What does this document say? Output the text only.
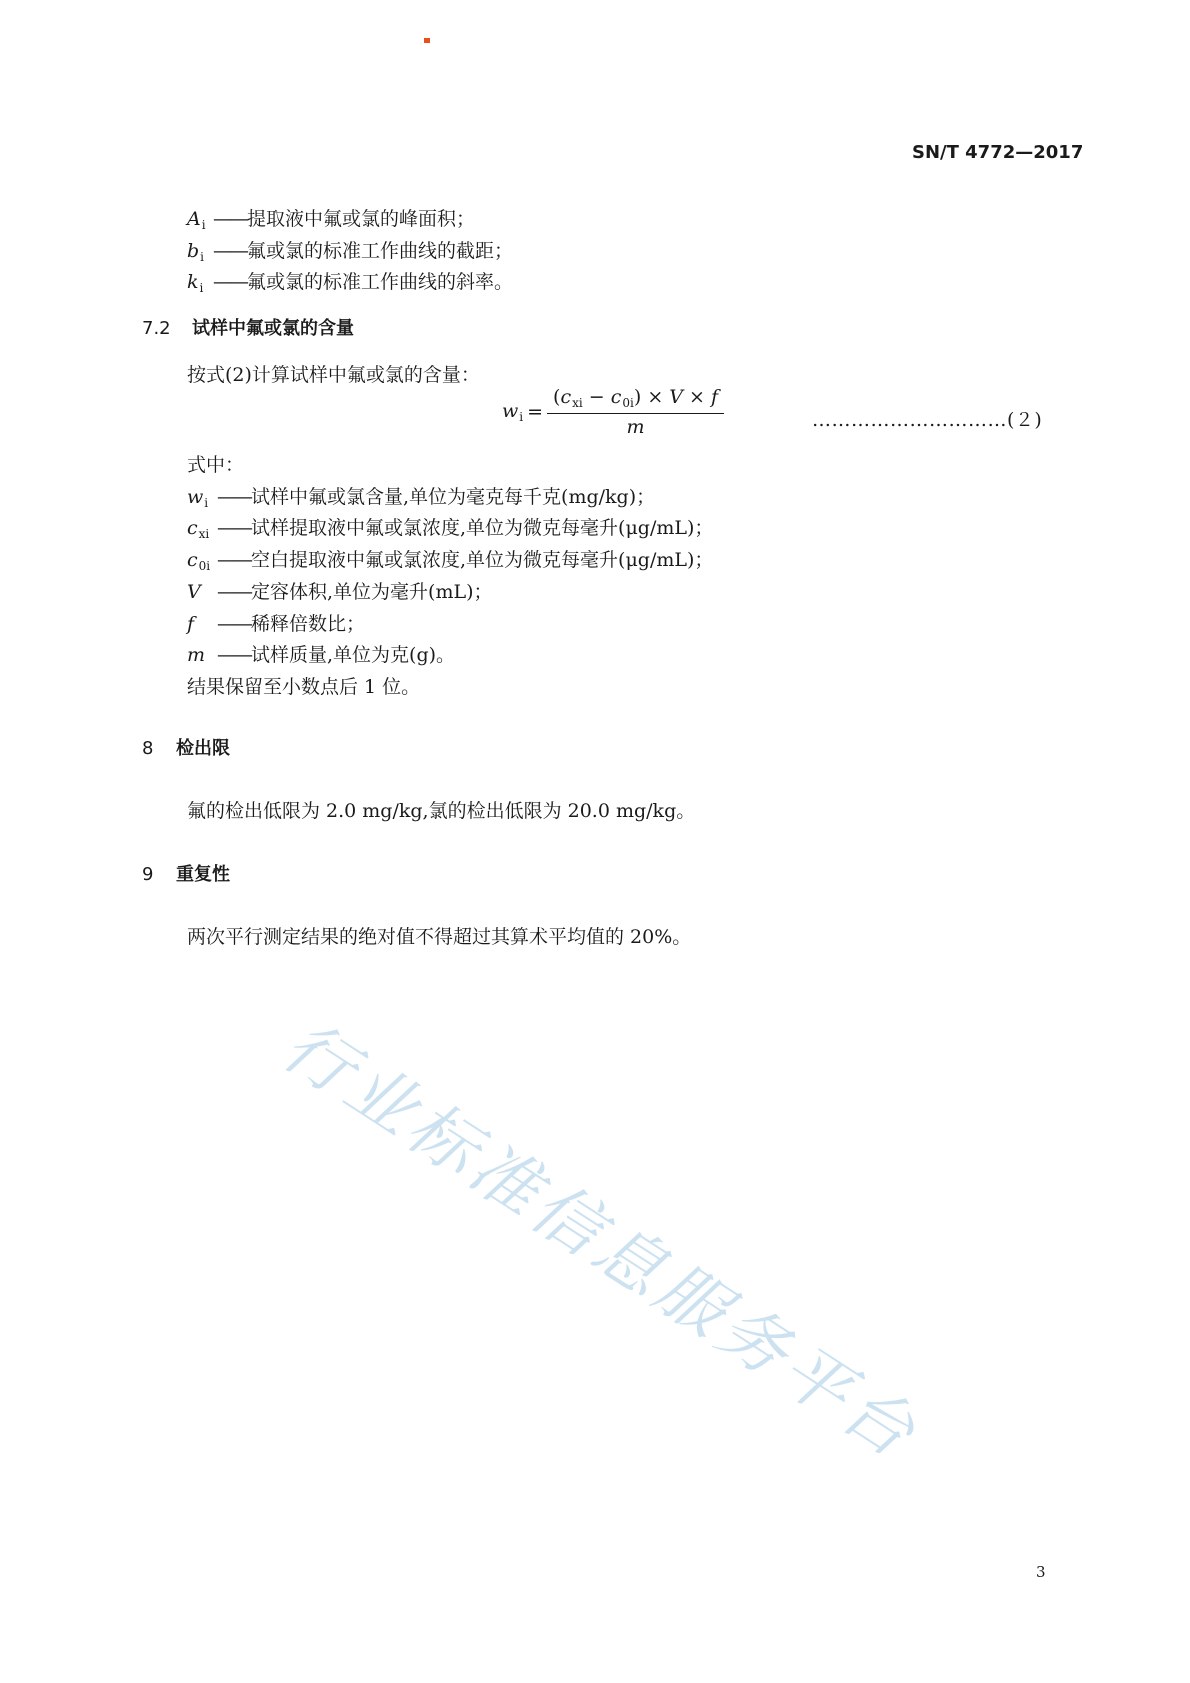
SN/T 4772—2017
$A_i$ ——提取液中氟或氯的峰面积；
$b_i$ ——氟或氯的标准工作曲线的截距；
$k_i$ ——氟或氯的标准工作曲线的斜率。
7.2 试样中氟或氯的含量
按式(2)计算试样中氟或氯的含量：
$w_i = \frac{(c_{xi} - c_{0i}) \times V \times f}{m}$	…………………………(２)
式中：
$w_i$ ——试样中氟或氯含量,单位为毫克每千克(mg/kg)；
$c_{xi}$ ——试样提取液中氟或氯浓度,单位为微克每毫升(μg/mL)；
$c_{0i}$ ——空白提取液中氟或氯浓度,单位为微克每毫升(μg/mL)；
V ——定容体积,单位为毫升(mL)；
f ——稀释倍数比；
m ——试样质量,单位为克(g)。
结果保留至小数点后 1 位。
8 检出限
氟的检出低限为 2.0 mg/kg,氯的检出低限为 20.0 mg/kg。
9 重复性
两次平行测定结果的绝对值不得超过其算术平均值的 20%。
行业标准信息服务平台
3
